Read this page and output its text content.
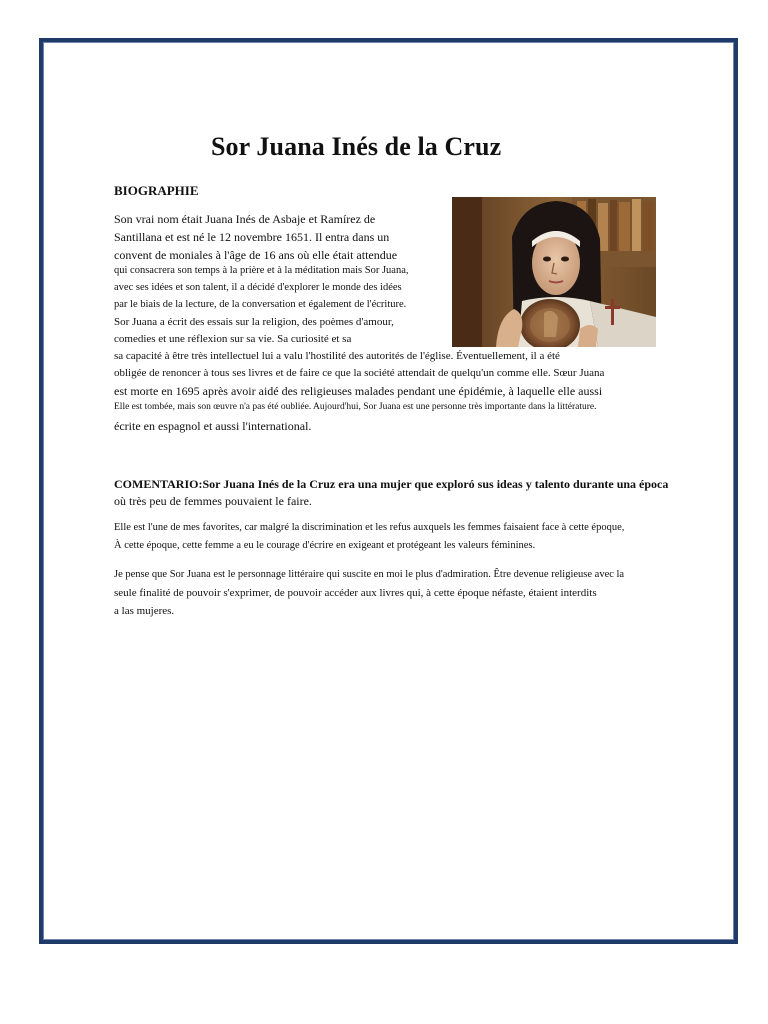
Sor Juana Inés de la Cruz
BIOGRAPHIE
Son vrai nom était Juana Inés de Asbaje et Ramírez de
Santillana et est né le 12 novembre 1651. Il entra dans un
convent de moniales à l'âge de 16 ans où elle était attendue
qui consacrera son temps à la prière et à la méditation mais Sor Juana,
avec ses idées et son talent, il a décidé d'explorer le monde des idées
par le biais de la lecture, de la conversation et également de l'écriture.
Sor Juana a écrit des essais sur la religion, des poèmes d'amour,
comedies et une réflexion sur sa vie. Sa curiosité et sa
sa capacité à être très intellectuel lui a valu l'hostilité des autorités de l'église. Éventuellement, il a été
obligée de renoncer à tous ses livres et de faire ce que la société attendait de quelqu'un comme elle. Sœur Juana
est morte en 1695 après avoir aidé des religieuses malades pendant une épidémie, à laquelle elle aussi
Elle est tombée, mais son œuvre n'a pas été oubliée. Aujourd'hui, Sor Juana est une personne très importante dans la littérature.
écrite en espagnol et aussi l'international.
COMENTARIO:Sor Juana Inés de la Cruz era una mujer que exploró sus ideas y talento durante una época
où très peu de femmes pouvaient le faire.
Elle est l'une de mes favorites, car malgré la discrimination et les refus auxquels les femmes faisaient face à cette époque,
À cette époque, cette femme a eu le courage d'écrire en exigeant et protégeant les valeurs féminines.
Je pense que Sor Juana est le personnage littéraire qui suscite en moi le plus d'admiration. Être devenue religieuse avec la
seule finalité de pouvoir s'exprimer, de pouvoir accéder aux livres qui, à cette époque néfaste, étaient interdits
a las mujeres.
